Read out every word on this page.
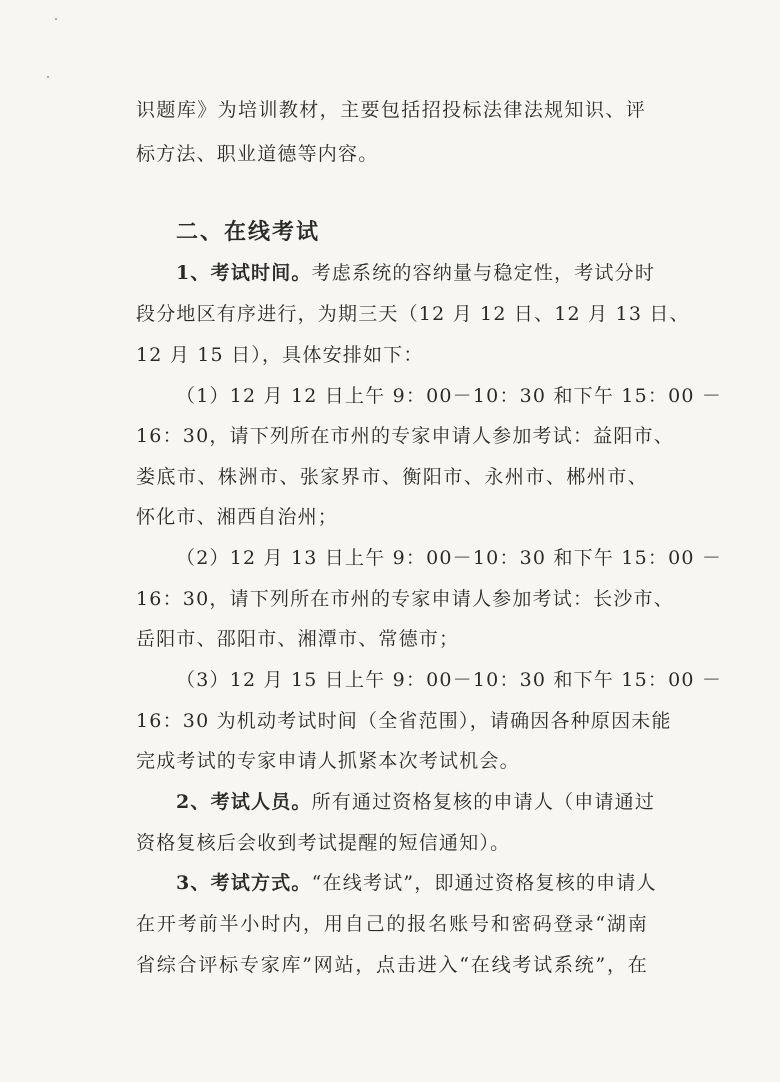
识题库》为培训教材，主要包括招投标法律法规知识、评
标方法、职业道德等内容。
二、在线考试
1、考试时间。考虑系统的容纳量与稳定性，考试分时
段分地区有序进行，为期三天（12 月 12 日、12 月 13 日、
12 月 15 日），具体安排如下：
（1）12 月 12 日上午 9：00－10：30 和下午 15：00 －
16：30，请下列所在市州的专家申请人参加考试：益阳市、
娄底市、株洲市、张家界市、衡阳市、永州市、郴州市、
怀化市、湘西自治州；
（2）12 月 13 日上午 9：00－10：30 和下午 15：00 －
16：30，请下列所在市州的专家申请人参加考试：长沙市、
岳阳市、邵阳市、湘潭市、常德市；
（3）12 月 15 日上午 9：00－10：30 和下午 15：00 －
16：30 为机动考试时间（全省范围），请确因各种原因未能
完成考试的专家申请人抓紧本次考试机会。
2、考试人员。所有通过资格复核的申请人（申请通过
资格复核后会收到考试提醒的短信通知）。
3、考试方式。“在线考试”，即通过资格复核的申请人
在开考前半小时内，用自己的报名账号和密码登录“湖南
省综合评标专家库”网站，点击进入“在线考试系统”，在
